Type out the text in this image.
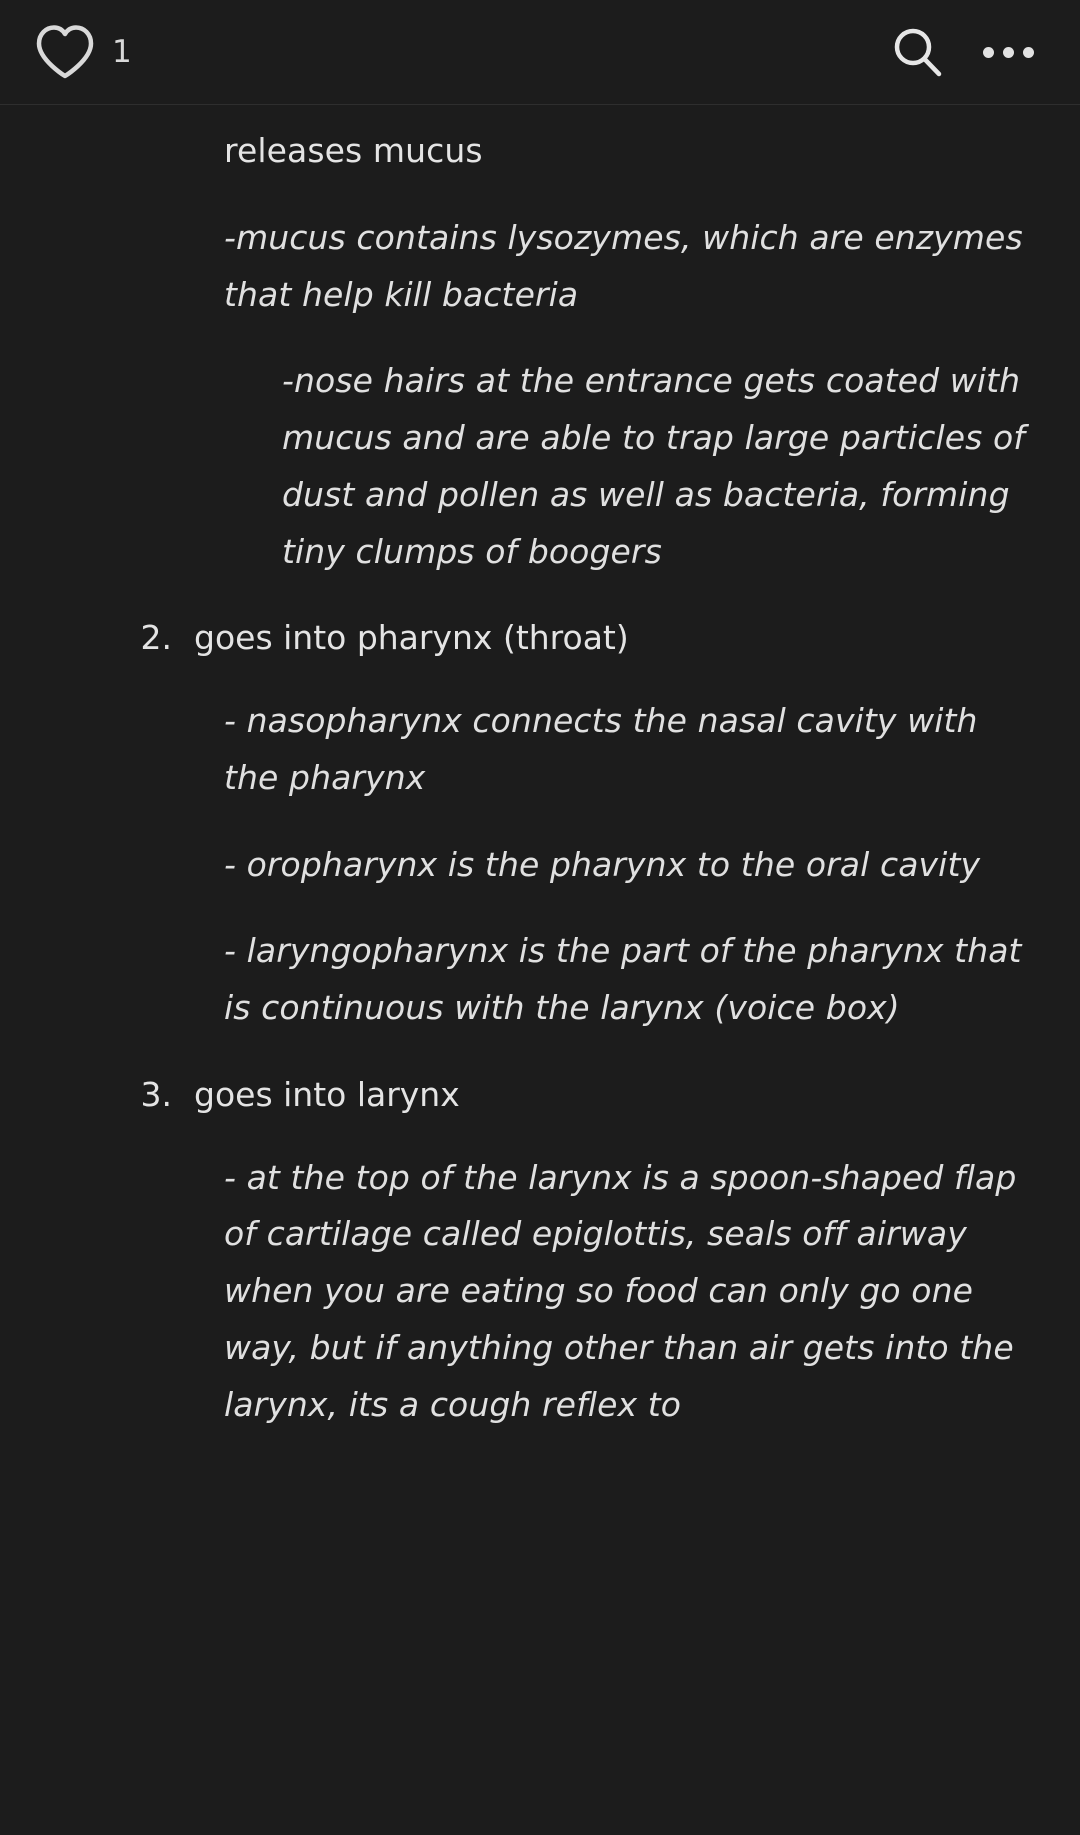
1

releases mucus

-mucus contains lysozymes, which are enzymes that help kill bacteria

-nose hairs at the entrance gets coated with mucus and are able to trap large particles of dust and pollen as well as bacteria, forming tiny clumps of boogers

2. goes into pharynx (throat)

- nasopharynx connects the nasal cavity with the pharynx

- oropharynx is the pharynx to the oral cavity

- laryngopharynx is the part of the pharynx that is continuous with the larynx (voice box)

3. goes into larynx

- at the top of the larynx is a spoon-shaped flap of cartilage called epiglottis, seals off airway when you are eating so food can only go one way, but if anything other than air gets into the larynx, its a cough reflex to
